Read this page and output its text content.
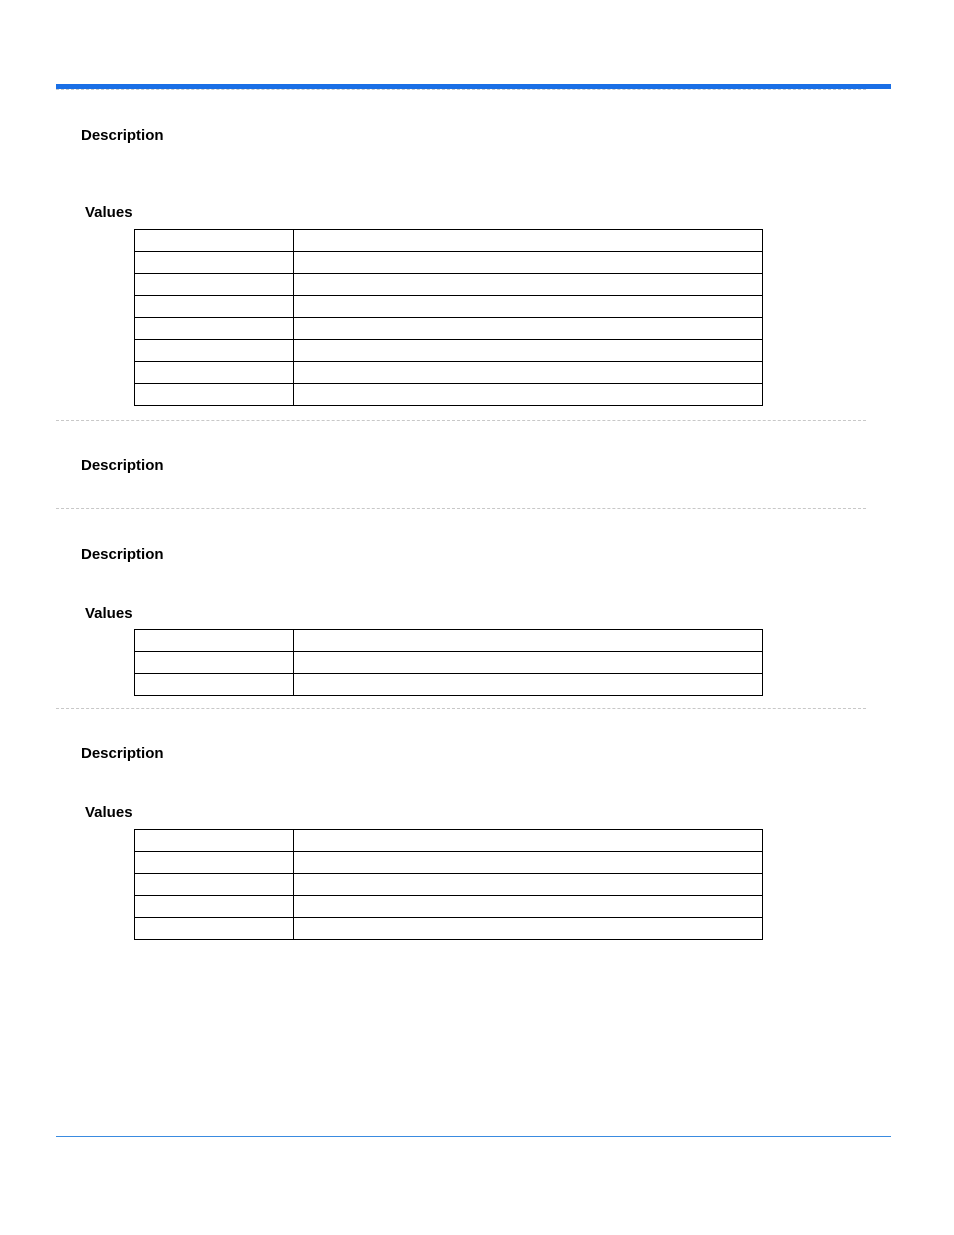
Description
Values

Description
Description
Values

Description
Values
